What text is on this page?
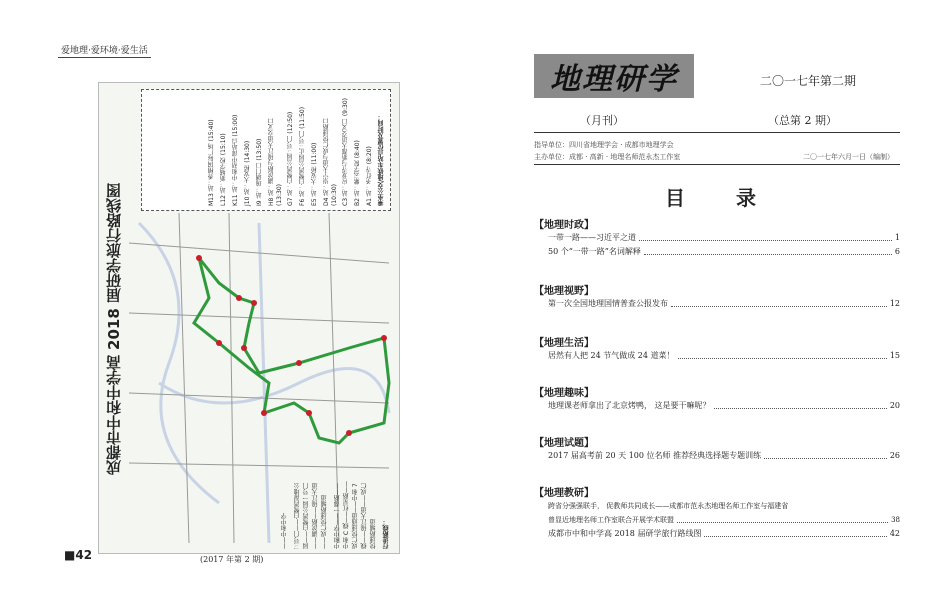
爱地理·爱环境·爱生活
成都市中和中学高 2018 届研学旅行路线图
乘坐公交/地铁车站点位置及时间：
A1 站：圣灯寺 (8:20)
B2 站：紫云学院 (8:40)
C3 站：应龙寺与新都大道交叉口 (9:30)
D4 站：崇宁大道与成仁快速路口 (10:30)
E5 站：大安桥 (11:00)
F6 站：白鹭湾公园正三号门 (11:50)
G7 站：白鹭湾公园三号门 (12:50)
H8 站：湖滨路与锦江大道交叉口 (13:30)
I9 站：琉璃门口 (13:50)
J10 站：大安桥 (14:30)
K11 站：中和初中部站点 (15:00)
L12 站：新城学校 (15:10)
M13 站：香檀国际广场 (15:40)
行进路线：
中和中学——一都路——中和 C 线——红星路——成仁快速通道——中和 7 线——锦江大道——成仁快速路辅道
三号门——白鹭湾湿地公园——白鹭湾公园一号门——湖滨路——锦江大道——成仁快速路辅道
——中和中学
■42	(2017 年第 2 期)
地理研学	二〇一七年第二期
（月刊）	（总第 2 期）
指导单位：四川省地理学会 · 成都市地理学会
主办单位：成都 · 高新 · 地理名师范永杰工作室	二〇一七年六月一日（编制）
目 录
【地理时政】
一带一路——习近平之道	1
50 个“一带一路”名词解释	6
【地理视野】
第一次全国地理国情普查公报发布	12
【地理生活】
居然有人把 24 节气做成 24 道菜！	15
【地理趣味】
地理课老师拿出了北京烤鸭， 这是要干嘛呢？	20
【地理试题】
2017 届高考前 20 天 100 位名师 推荐经典选择题专题训练	26
【地理教研】
跨省分强强联手， 促教师共同成长——成都市范永杰地理名师工作室与福建省
曾显近地理名师工作室联合开展学术联盟	38
成都市中和中学高 2018 届研学旅行路线图	42
